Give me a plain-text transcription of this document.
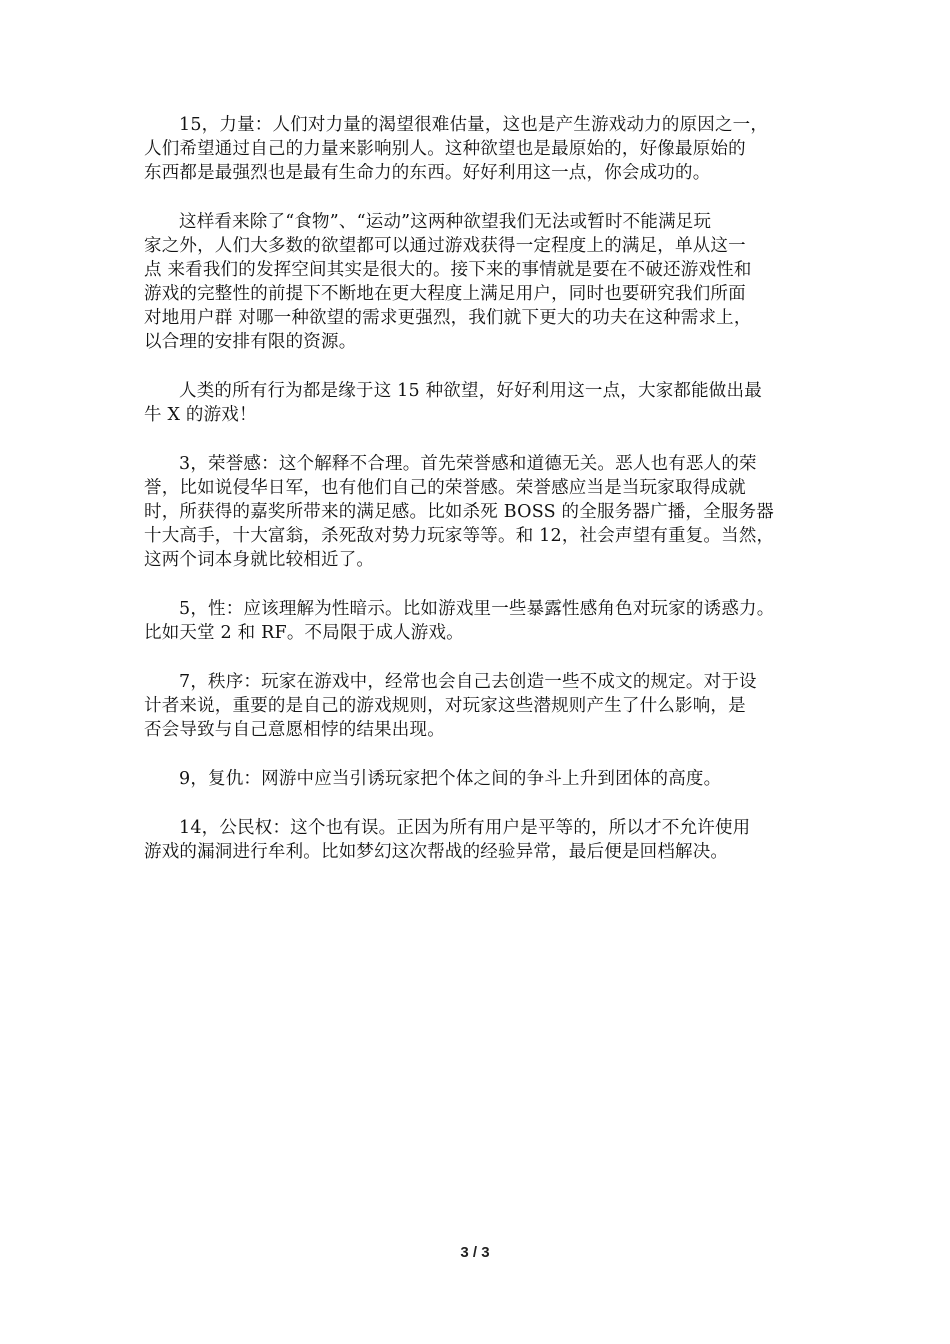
15，力量：人们对力量的渴望很难估量，这也是产生游戏动力的原因之一，
人们希望通过自己的力量来影响别人。这种欲望也是最原始的，好像最原始的
东西都是最强烈也是最有生命力的东西。好好利用这一点，你会成功的。

这样看来除了“食物”、“运动”这两种欲望我们无法或暂时不能满足玩
家之外，人们大多数的欲望都可以通过游戏获得一定程度上的满足，单从这一
点 来看我们的发挥空间其实是很大的。接下来的事情就是要在不破还游戏性和
游戏的完整性的前提下不断地在更大程度上满足用户，同时也要研究我们所面
对地用户群 对哪一种欲望的需求更强烈，我们就下更大的功夫在这种需求上，
以合理的安排有限的资源。

人类的所有行为都是缘于这 15 种欲望，好好利用这一点，大家都能做出最
牛 X 的游戏！

3，荣誉感：这个解释不合理。首先荣誉感和道德无关。恶人也有恶人的荣
誉，比如说侵华日军，也有他们自己的荣誉感。荣誉感应当是当玩家取得成就
时，所获得的嘉奖所带来的满足感。比如杀死 BOSS 的全服务器广播，全服务器
十大高手，十大富翁，杀死敌对势力玩家等等。和 12，社会声望有重复。当然，
这两个词本身就比较相近了。

5，性：应该理解为性暗示。比如游戏里一些暴露性感角色对玩家的诱惑力。
比如天堂 2 和 RF。不局限于成人游戏。

7，秩序：玩家在游戏中，经常也会自己去创造一些不成文的规定。对于设
计者来说，重要的是自己的游戏规则，对玩家这些潜规则产生了什么影响，是
否会导致与自己意愿相悖的结果出现。

9，复仇：网游中应当引诱玩家把个体之间的争斗上升到团体的高度。

14，公民权：这个也有误。正因为所有用户是平等的，所以才不允许使用
游戏的漏洞进行牟利。比如梦幻这次帮战的经验异常，最后便是回档解决。

3 / 3
